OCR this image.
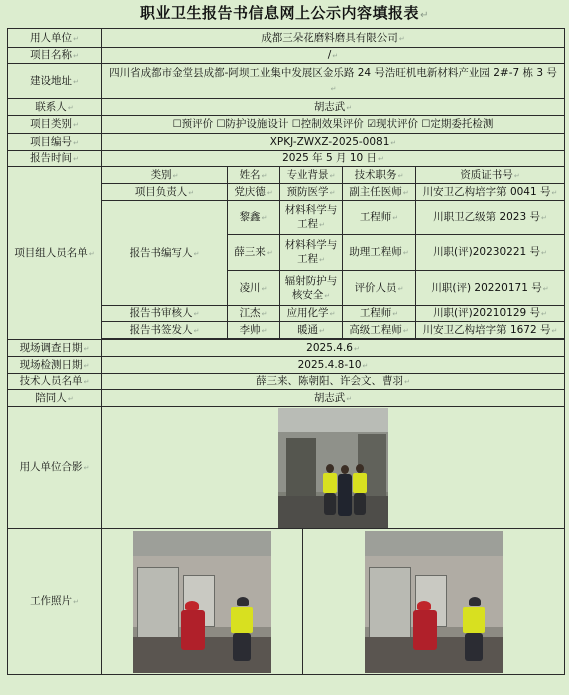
职业卫生报告书信息网上公示内容填报表↵
用人单位 ↵	成都三朵花磨料磨具有限公司 ↵
项目名称 ↵	/ ↵
建设地址 ↵	四川省成都市金堂县成都-阿坝工业集中发展区金乐路 24 号浩旺机电新材料产业园 2#-7 栋 3 号 ↵
联系人 ↵	胡志武 ↵
项目类别 ↵	☐预评价 ☐防护设施设计 ☐控制效果评价 ☑现状评价 ☐定期委托检测					
项目编号 ↵	XPKJ-ZWXZ-2025-0081 ↵
报告时间 ↵	2025 年 5 月 10 日 ↵
项目组人员名单 ↵	类别 ↵	姓名 ↵	专业背景 ↵		技术职务 ↵	资质证书号 ↵
	项目负责人 ↵	党庆德 ↵	预防医学 ↵		副主任医师 ↵	川安卫乙构培字第 0041 号 ↵
	报告书编写人 ↵	黎鑫 ↵	材料科学与工程 ↵		工程师 ↵	川职卫乙级第 2023 号 ↵
		薛三来 ↵	材料科学与工程 ↵		助理工程师 ↵	川职(评)20230221 号 ↵
		凌川 ↵	辐射防护与核安全 ↵		评价人员 ↵	川职(评) 20220171 号 ↵
	报告书审核人 ↵	江杰 ↵	应用化学 ↵		工程师 ↵	川职(评)20210129 号 ↵
	报告书签发人 ↵	李帅 ↵	暖通 ↵		高级工程师 ↵	川安卫乙构培字第 1672 号 ↵

现场调查日期 ↵	2025.4.6 ↵
现场检测日期 ↵	2025.4.8-10 ↵
技术人员名单 ↵	薛三来、陈朝阳、许会文、曹羽 ↵
陪同人 ↵	胡志武 ↵
用人单位合影 ↵	

工作照片 ↵	
